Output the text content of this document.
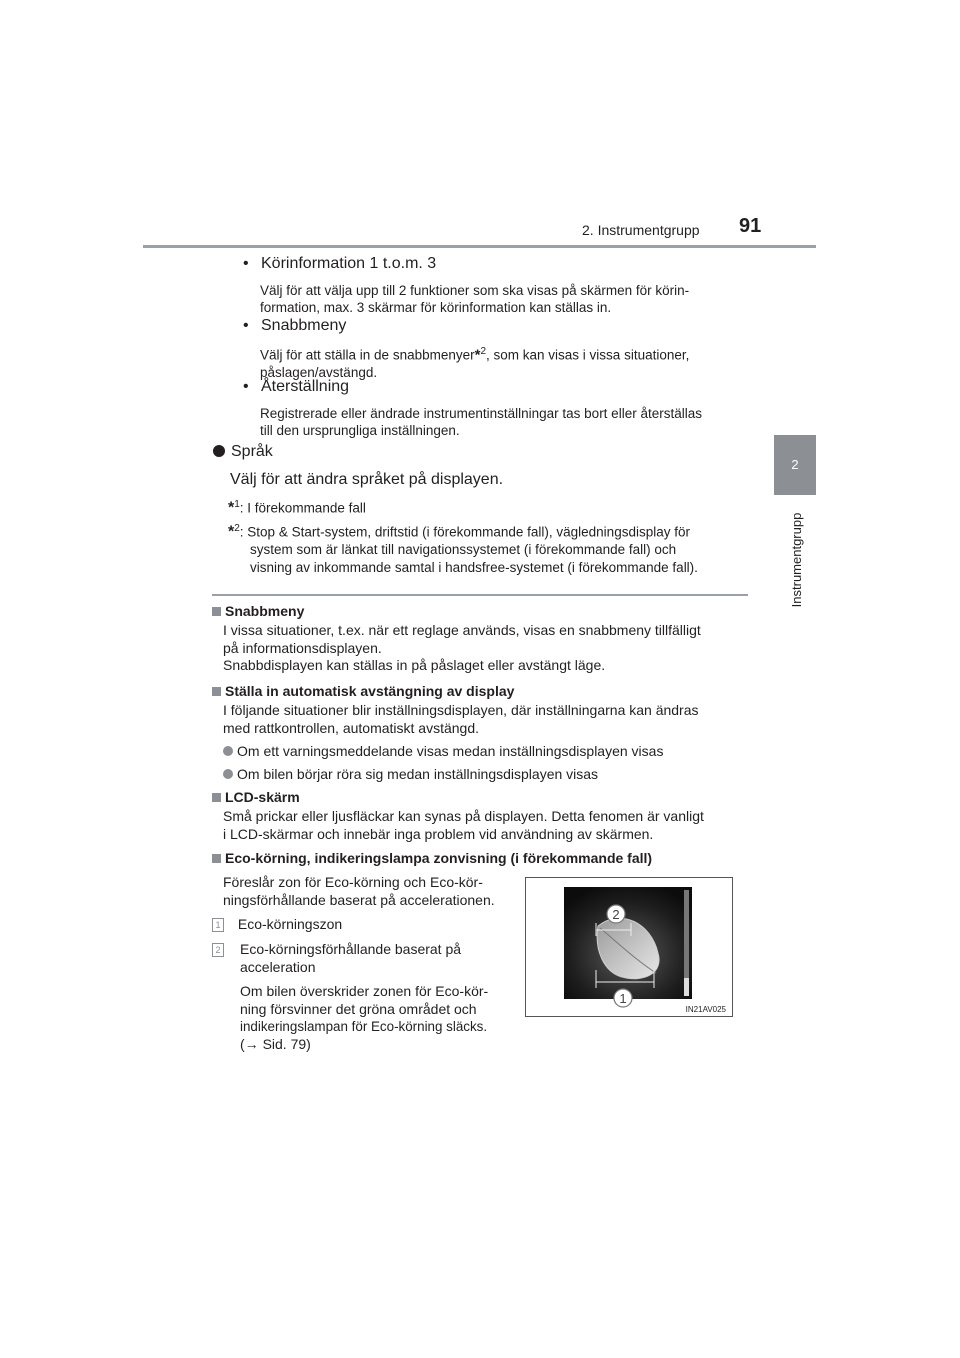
2. Instrumentgrupp 91
2
Instrumentgrupp
• Körinformation 1 t.o.m. 3
Välj för att välja upp till 2 funktioner som ska visas på skärmen för körin-
formation, max. 3 skärmar för körinformation kan ställas in.
• Snabbmeny
Välj för att ställa in de snabbmenyer*$^2$, som kan visas i vissa situationer,
påslagen/avstängd.
• Återställning
Registrerade eller ändrade instrumentinställningar tas bort eller återställas
till den ursprungliga inställningen.
Språk
Välj för att ändra språket på displayen.
*$^1$: I förekommande fall
*$^2$: Stop & Start-system, driftstid (i förekommande fall), vägledningsdisplay för
system som är länkat till navigationssystemet (i förekommande fall) och
visning av inkommande samtal i handsfree-systemet (i förekommande fall).
Snabbmeny
I vissa situationer, t.ex. när ett reglage används, visas en snabbmeny tillfälligt
på informationsdisplayen.
Snabbdisplayen kan ställas in på påslaget eller avstängt läge.
Ställa in automatisk avstängning av display
I följande situationer blir inställningsdisplayen, där inställningarna kan ändras
med rattkontrollen, automatiskt avstängd.
Om ett varningsmeddelande visas medan inställningsdisplayen visas
Om bilen börjar röra sig medan inställningsdisplayen visas
LCD-skärm
Små prickar eller ljusfläckar kan synas på displayen. Detta fenomen är vanligt
i LCD-skärmar och innebär inga problem vid användning av skärmen.
Eco-körning, indikeringslampa zonvisning (i förekommande fall)
Föreslår zon för Eco-körning och Eco-kör-
ningsförhållande baserat på accelerationen.
1 Eco-körningszon
2 Eco-körningsförhållande baserat på
acceleration
Om bilen överskrider zonen för Eco-kör-
ning försvinner det gröna området och
indikeringslampan för Eco-körning släcks.
(→ Sid. 79)
2
1
IN21AV025
